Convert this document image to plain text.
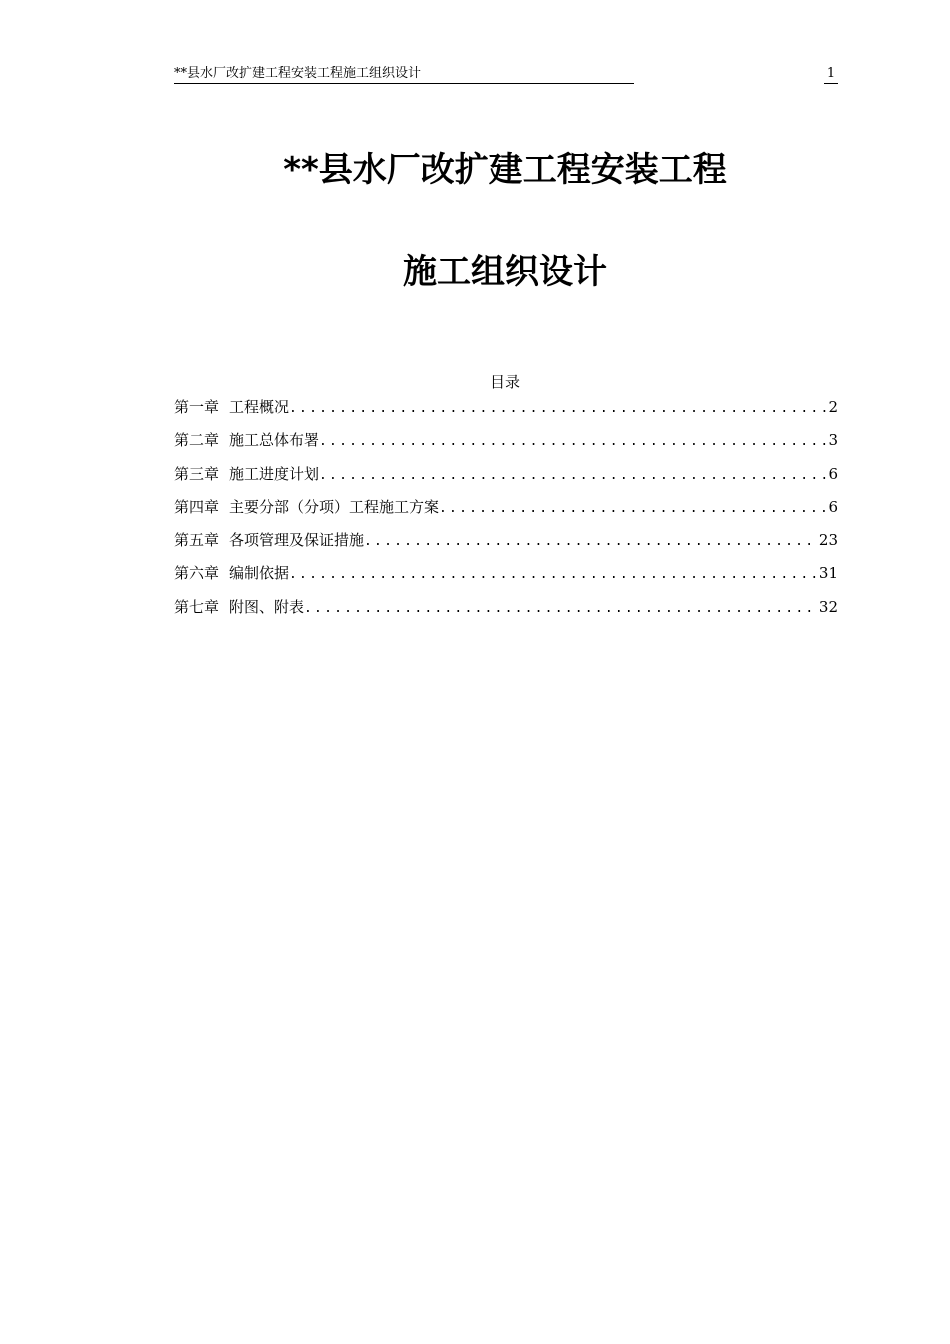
**县水厂改扩建工程安装工程施工组织设计	1
**县水厂改扩建工程安装工程
施工组织设计
目录
第一章 工程概况 .....	2
第二章 施工总体布署 .....	3
第三章 施工进度计划 .....	6
第四章 主要分部（分项）工程施工方案 .....	6
第五章 各项管理及保证措施 .....	23
第六章 编制依据 .....	31
第七章 附图、附表 .....	32
